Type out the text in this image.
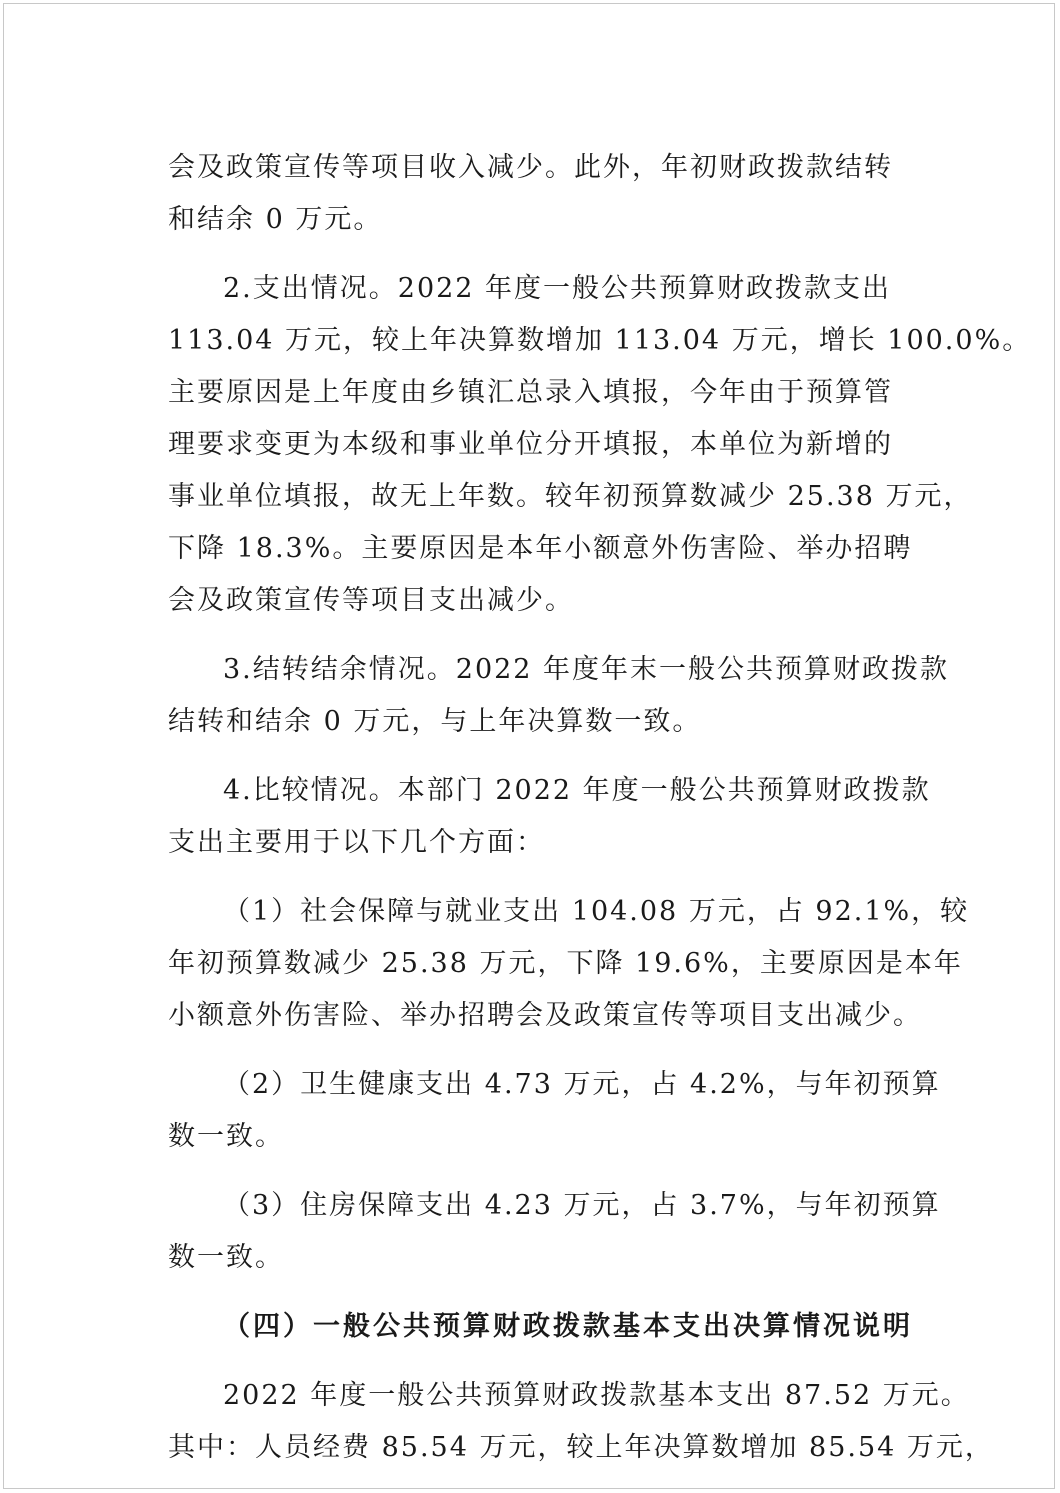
会及政策宣传等项目收入减少。此外，年初财政拨款结转
和结余 0 万元。
2.支出情况。2022 年度一般公共预算财政拨款支出
113.04 万元，较上年决算数增加 113.04 万元，增长 100.0%。
主要原因是上年度由乡镇汇总录入填报，今年由于预算管
理要求变更为本级和事业单位分开填报，本单位为新增的
事业单位填报，故无上年数。较年初预算数减少 25.38 万元，
下降 18.3%。主要原因是本年小额意外伤害险、举办招聘
会及政策宣传等项目支出减少。
3.结转结余情况。2022 年度年末一般公共预算财政拨款
结转和结余 0 万元，与上年决算数一致。
4.比较情况。本部门 2022 年度一般公共预算财政拨款
支出主要用于以下几个方面：
（1）社会保障与就业支出 104.08 万元，占 92.1%，较
年初预算数减少 25.38 万元，下降 19.6%，主要原因是本年
小额意外伤害险、举办招聘会及政策宣传等项目支出减少。
（2）卫生健康支出 4.73 万元，占 4.2%，与年初预算
数一致。
（3）住房保障支出 4.23 万元，占 3.7%，与年初预算
数一致。
（四）一般公共预算财政拨款基本支出决算情况说明
2022 年度一般公共预算财政拨款基本支出 87.52 万元。
其中：人员经费 85.54 万元，较上年决算数增加 85.54 万元，
